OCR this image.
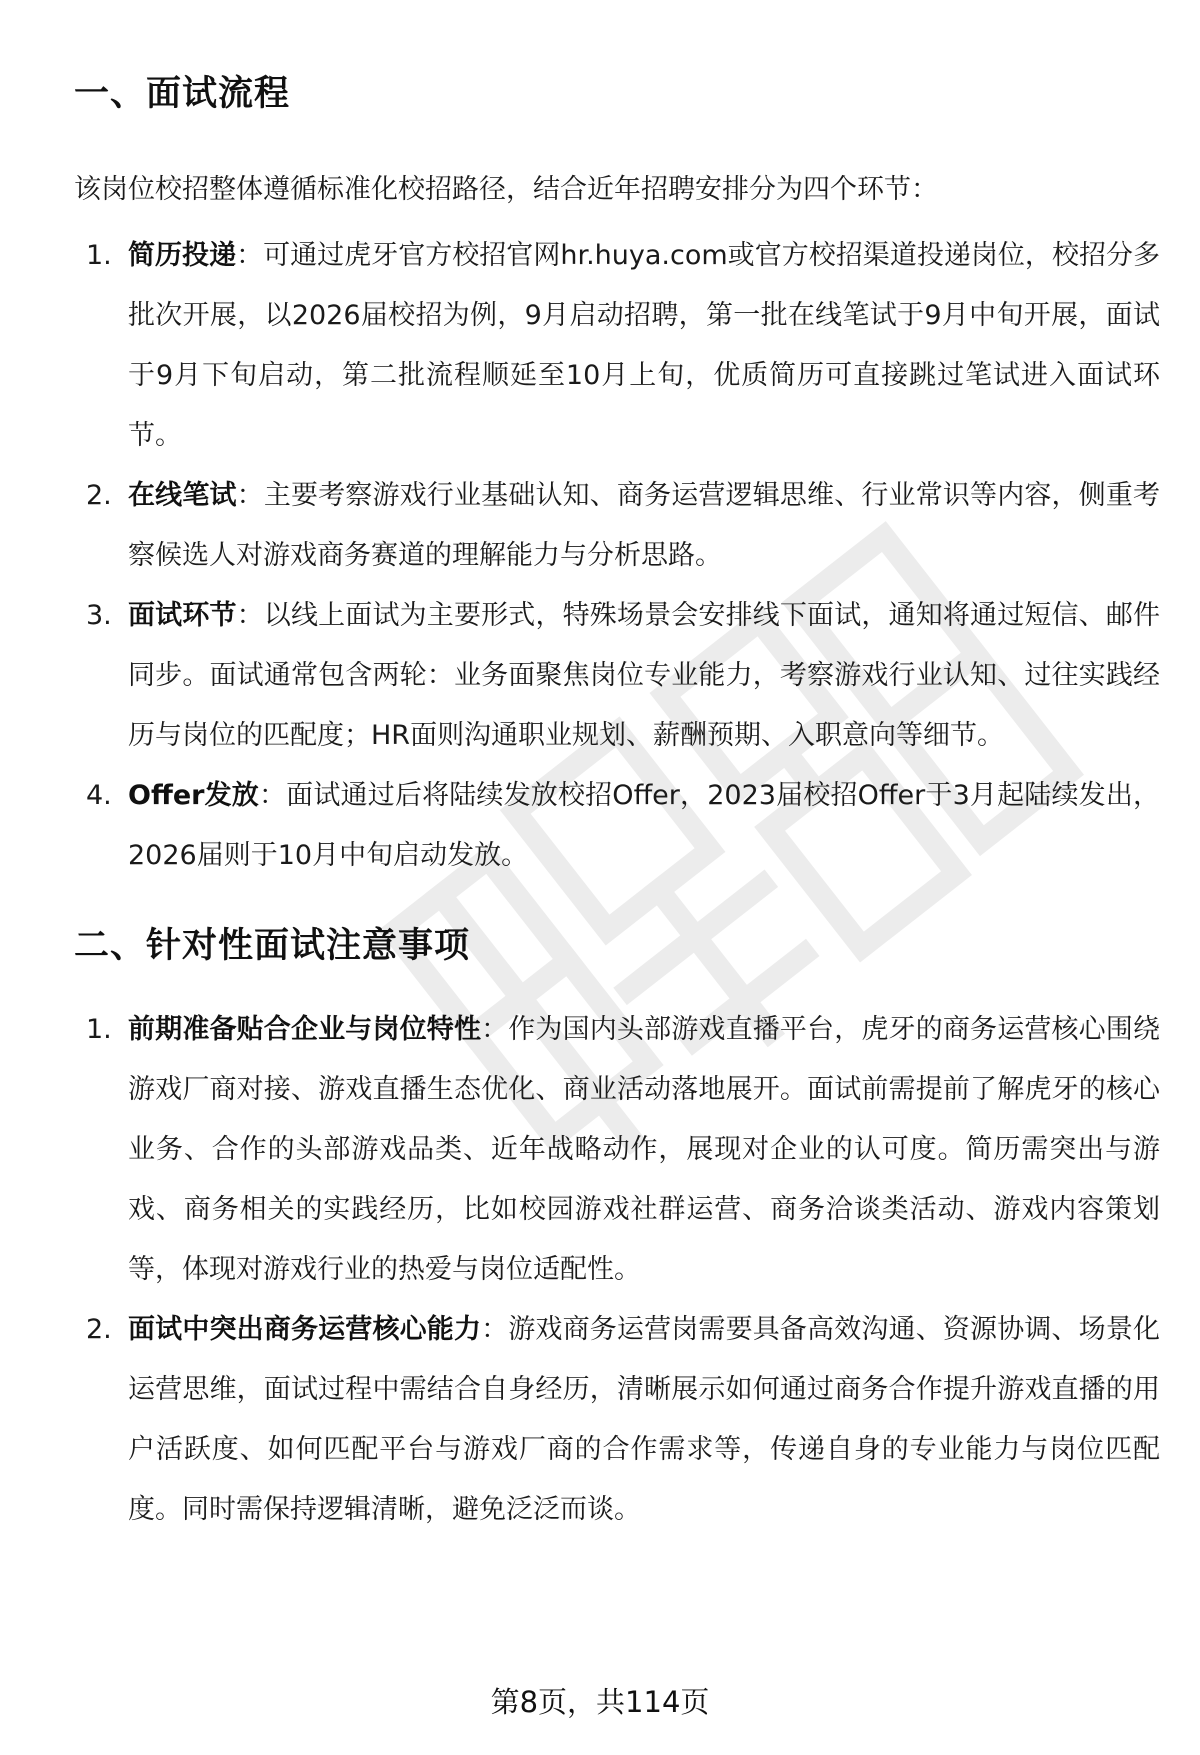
一、面试流程

该岗位校招整体遵循标准化校招路径，结合近年招聘安排分为四个环节：

1. 简历投递：可通过虎牙官方校招官网hr.huya.com或官方校招渠道投递岗位，校招分多批次开展，以2026届校招为例，9月启动招聘，第一批在线笔试于9月中旬开展，面试于9月下旬启动，第二批流程顺延至10月上旬，优质简历可直接跳过笔试进入面试环节。
2. 在线笔试：主要考察游戏行业基础认知、商务运营逻辑思维、行业常识等内容，侧重考察候选人对游戏商务赛道的理解能力与分析思路。
3. 面试环节：以线上面试为主要形式，特殊场景会安排线下面试，通知将通过短信、邮件同步。面试通常包含两轮：业务面聚焦岗位专业能力，考察游戏行业认知、过往实践经历与岗位的匹配度；HR面则沟通职业规划、薪酬预期、入职意向等细节。
4. Offer发放：面试通过后将陆续发放校招Offer，2023届校招Offer于3月起陆续发出，2026届则于10月中旬启动发放。
二、针对性面试注意事项
1. 前期准备贴合企业与岗位特性：作为国内头部游戏直播平台，虎牙的商务运营核心围绕游戏厂商对接、游戏直播生态优化、商业活动落地展开。面试前需提前了解虎牙的核心业务、合作的头部游戏品类、近年战略动作，展现对企业的认可度。简历需突出与游戏、商务相关的实践经历，比如校园游戏社群运营、商务洽谈类活动、游戏内容策划等，体现对游戏行业的热爱与岗位适配性。
2. 面试中突出商务运营核心能力：游戏商务运营岗需要具备高效沟通、资源协调、场景化运营思维，面试过程中需结合自身经历，清晰展示如何通过商务合作提升游戏直播的用户活跃度、如何匹配平台与游戏厂商的合作需求等，传递自身的专业能力与岗位匹配度。同时需保持逻辑清晰，避免泛泛而谈。
第8页，共114页
